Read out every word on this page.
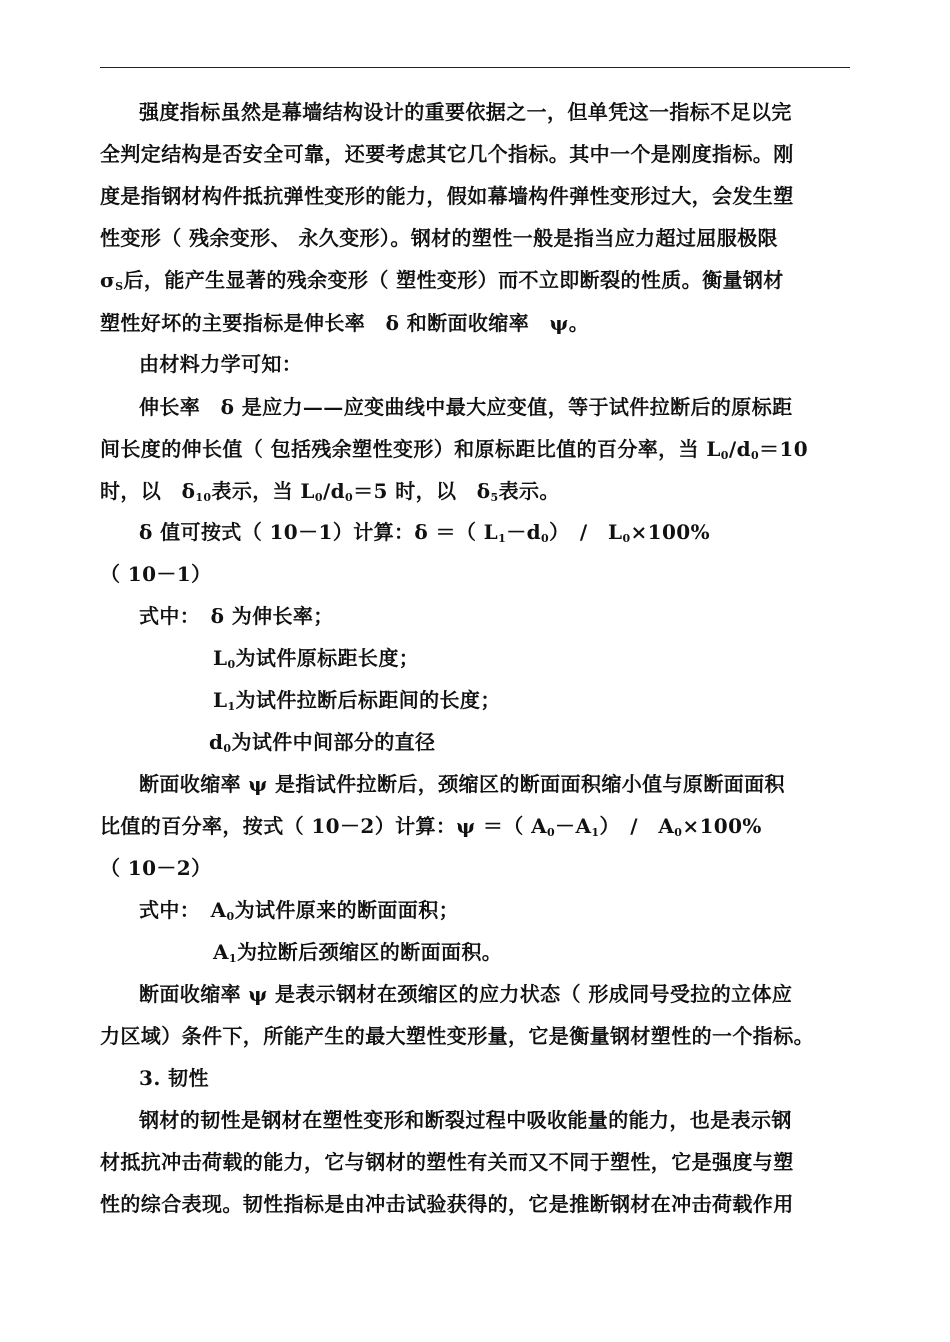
强度指标虽然是幕墙结构设计的重要依据之一，但单凭这一指标不足以完
全判定结构是否安全可靠，还要考虑其它几个指标。其中一个是刚度指标。刚
度是指钢材构件抵抗弹性变形的能力，假如幕墙构件弹性变形过大，会发生塑
性变形（ 残余变形、 永久变形）。钢材的塑性一般是指当应力超过屈服极限
$\sigma_S$后，能产生显著的残余变形（ 塑性变形）而不立即断裂的性质。衡量钢材
塑性好坏的主要指标是伸长率　δ 和断面收缩率　ψ。
由材料力学可知：
伸长率　δ 是应力——应变曲线中最大应变值，等于试件拉断后的原标距
间长度的伸长值（ 包括残余塑性变形）和原标距比值的百分率，当 $L_0/d_0=10$
时，以　$\delta_{10}$表示，当 $L_0/d_0=5$ 时，以　$\delta_5$表示。
δ 值可按式（ 10－1）计算：δ ＝（ $L_1-d_0$）　/　$L_0\times 100\%$
（ 10－1）
式中：　δ 为伸长率；
$L_0$为试件原标距长度；
$L_1$为试件拉断后标距间的长度；
$d_0$为试件中间部分的直径
断面收缩率 ψ 是指试件拉断后，颈缩区的断面面积缩小值与原断面面积
比值的百分率，按式（ 10－2）计算：ψ ＝（ $A_0-A_1$）　/　$A_0\times 100\%$
（ 10－2）
式中：　$A_0$为试件原来的断面面积；
$A_1$为拉断后颈缩区的断面面积。
断面收缩率 ψ 是表示钢材在颈缩区的应力状态（ 形成同号受拉的立体应
力区域）条件下，所能产生的最大塑性变形量，它是衡量钢材塑性的一个指标。
3. 韧性
钢材的韧性是钢材在塑性变形和断裂过程中吸收能量的能力，也是表示钢
材抵抗冲击荷载的能力，它与钢材的塑性有关而又不同于塑性，它是强度与塑
性的综合表现。韧性指标是由冲击试验获得的，它是推断钢材在冲击荷载作用
